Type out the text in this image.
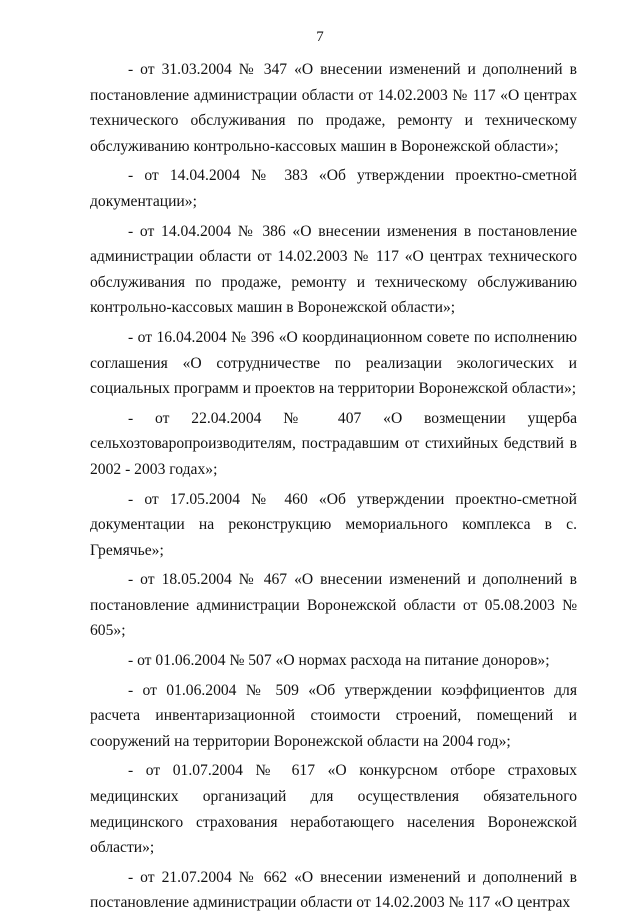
7

- от 31.03.2004 № 347 «О внесении изменений и дополнений в постановление администрации области от 14.02.2003 № 117 «О центрах технического обслуживания по продаже, ремонту и техническому обслуживанию контрольно-кассовых машин в Воронежской области»;

- от 14.04.2004 № 383 «Об утверждении проектно-сметной документации»;

- от 14.04.2004 № 386 «О внесении изменения в постановление администрации области от 14.02.2003 № 117 «О центрах технического обслуживания по продаже, ремонту и техническому обслуживанию контрольно-кассовых машин в Воронежской области»;

- от 16.04.2004 № 396 «О координационном совете по исполнению соглашения «О сотрудничестве по реализации экологических и социальных программ и проектов на территории Воронежской области»;

- от 22.04.2004 № 407 «О возмещении ущерба сельхозтоваропроизводителям, пострадавшим от стихийных бедствий в 2002 - 2003 годах»;

- от 17.05.2004 № 460 «Об утверждении проектно-сметной документации на реконструкцию мемориального комплекса в с. Гремячье»;

- от 18.05.2004 № 467 «О внесении изменений и дополнений в постановление администрации Воронежской области от 05.08.2003 № 605»;

- от 01.06.2004 № 507 «О нормах расхода на питание доноров»;

- от 01.06.2004 № 509 «Об утверждении коэффициентов для расчета инвентаризационной стоимости строений, помещений и сооружений на территории Воронежской области на 2004 год»;

- от 01.07.2004 № 617 «О конкурсном отборе страховых медицинских организаций для осуществления обязательного медицинского страхования неработающего населения Воронежской области»;

- от 21.07.2004 № 662 «О внесении изменений и дополнений в постановление администрации области от 14.02.2003 № 117 «О центрах
